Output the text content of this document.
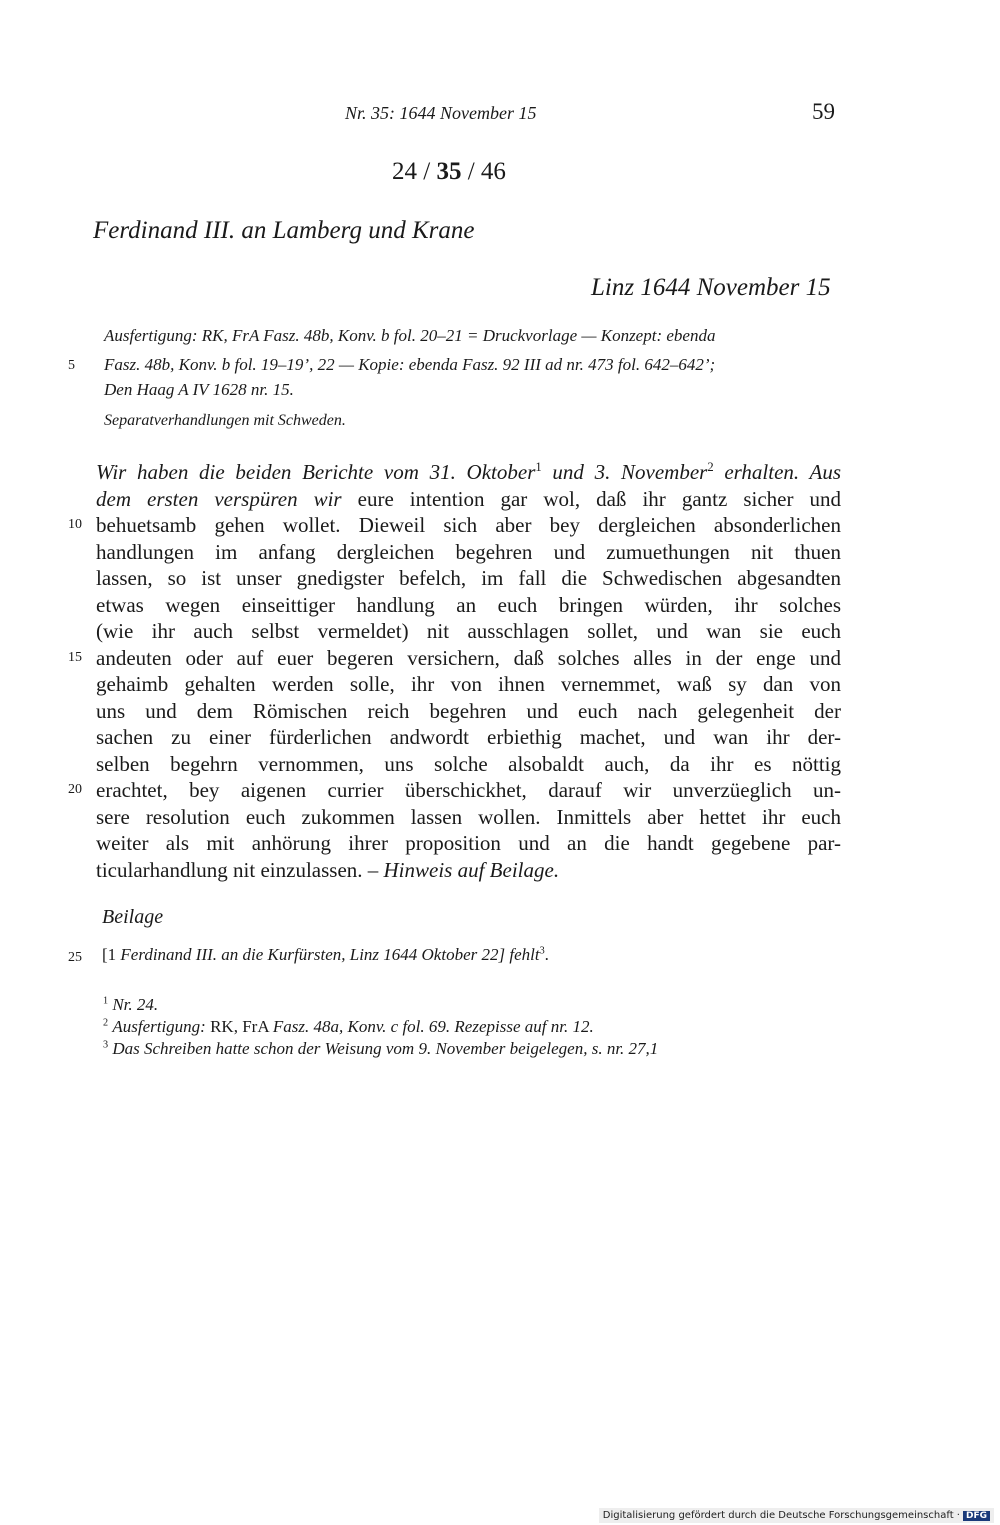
Nr. 35: 1644 November 15	59
24 / 35 / 46
Ferdinand III. an Lamberg und Krane
Linz 1644 November 15
Ausfertigung: RK, FrA Fasz. 48b, Konv. b fol. 20–21 = Druckvorlage — Konzept: ebenda
5 Fasz. 48b, Konv. b fol. 19–19’, 22 — Kopie: ebenda Fasz. 92 III ad nr. 473 fol. 642–642’;
Den Haag A IV 1628 nr. 15.
Separatverhandlungen mit Schweden.
Wir haben die beiden Berichte vom 31. Oktober$^1$ und 3. November$^2$ erhalten. Aus
dem ersten verspüren wir eure intention gar wol, daß ihr gantz sicher und
10 behuetsamb gehen wollet. Dieweil sich aber bey dergleichen absonderlichen
handlungen im anfang dergleichen begehren und zumuethungen nit thuen
lassen, so ist unser gnedigster befelch, im fall die Schwedischen abgesandten
etwas wegen einseittiger handlung an euch bringen würden, ihr solches
(wie ihr auch selbst vermeldet) nit ausschlagen sollet, und wan sie euch
15 andeuten oder auf euer begeren versichern, daß solches alles in der enge und
gehaimb gehalten werden solle, ihr von ihnen vernemmet, waß sy dan von
uns und dem Römischen reich begehren und euch nach gelegenheit der
sachen zu einer fürderlichen andwordt erbiethig machet, und wan ihr der-
selben begehrn vernommen, uns solche alsobaldt auch, da ihr es nöttig
20 erachtet, bey aigenen currier überschickhet, darauf wir unverzüeglich un-
sere resolution euch zukommen lassen wollen. Inmittels aber hettet ihr euch
weiter als mit anhörung ihrer proposition und an die handt gegebene par-
ticularhandlung nit einzulassen. – Hinweis auf Beilage.
Beilage
25 [1 Ferdinand III. an die Kurfürsten, Linz 1644 Oktober 22] fehlt$^3$.
$^1$ Nr. 24.
$^2$ Ausfertigung: RK, FrA Fasz. 48a, Konv. c fol. 69. Rezepisse auf nr. 12.
$^3$ Das Schreiben hatte schon der Weisung vom 9. November beigelegen, s. nr. 27,1
Digitalisierung gefördert durch die Deutsche Forschungsgemeinschaft · DFG
